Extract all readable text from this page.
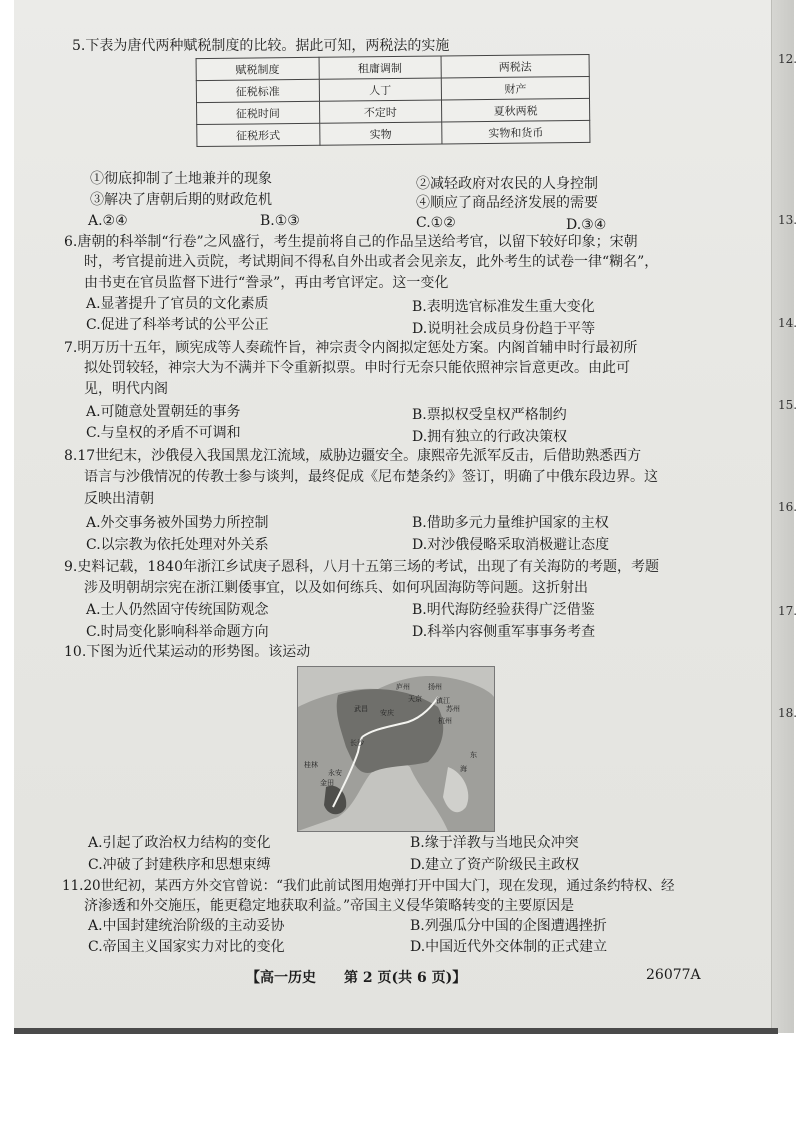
12.
13.
14.
15.
16.
17.
18.
5.下表为唐代两种赋税制度的比较。据此可知，两税法的实施
赋税制度	租庸调制	两税法
征税标准	人丁	财产
征税时间	不定时	夏秋两税
征税形式	实物	实物和货币
①彻底抑制了土地兼并的现象	②减轻政府对农民的人身控制
③解决了唐朝后期的财政危机	④顺应了商品经济发展的需要
A.②④	B.①③	C.①②	D.③④
6.唐朝的科举制“行卷”之风盛行，考生提前将自己的作品呈送给考官，以留下较好印象；宋朝
时，考官提前进入贡院，考试期间不得私自外出或者会见亲友，此外考生的试卷一律“糊名”，
由书吏在官员监督下进行“誊录”，再由考官评定。这一变化
A.显著提升了官员的文化素质	B.表明选官标准发生重大变化
C.促进了科举考试的公平公正	D.说明社会成员身份趋于平等
7.明万历十五年，顾宪成等人奏疏忤旨，神宗责令内阁拟定惩处方案。内阁首辅申时行最初所
拟处罚较轻，神宗大为不满并下令重新拟票。申时行无奈只能依照神宗旨意更改。由此可
见，明代内阁
A.可随意处置朝廷的事务	B.票拟权受皇权严格制约
C.与皇权的矛盾不可调和	D.拥有独立的行政决策权
8.17世纪末，沙俄侵入我国黑龙江流域，威胁边疆安全。康熙帝先派军反击，后借助熟悉西方
语言与沙俄情况的传教士参与谈判，最终促成《尼布楚条约》签订，明确了中俄东段边界。这
反映出清朝
A.外交事务被外国势力所控制	B.借助多元力量维护国家的主权
C.以宗教为依托处理对外关系	D.对沙俄侵略采取消极避让态度
9.史料记载，1840年浙江乡试庚子恩科，八月十五第三场的考试，出现了有关海防的考题，考题
涉及明朝胡宗宪在浙江剿倭事宜，以及如何练兵、如何巩固海防等问题。这折射出
A.士人仍然固守传统国防观念	B.明代海防经验获得广泛借鉴
C.时局变化影响科举命题方向	D.科举内容侧重军事事务考查
10.下图为近代某运动的形势图。该运动
庐州	扬州
天京 镇江
苏州
杭州
武昌
长沙
安庆
东
海
金田
桂林
永安
A.引起了政治权力结构的变化	B.缘于洋教与当地民众冲突
C.冲破了封建秩序和思想束缚	D.建立了资产阶级民主政权
11.20世纪初，某西方外交官曾说：“我们此前试图用炮弹打开中国大门，现在发现，通过条约特权、经
济渗透和外交施压，能更稳定地获取利益。”帝国主义侵华策略转变的主要原因是
A.中国封建统治阶级的主动妥协	B.列强瓜分中国的企图遭遇挫折
C.帝国主义国家实力对比的变化	D.中国近代外交体制的正式建立
【高一历史 第 2 页(共 6 页)】	26077A
